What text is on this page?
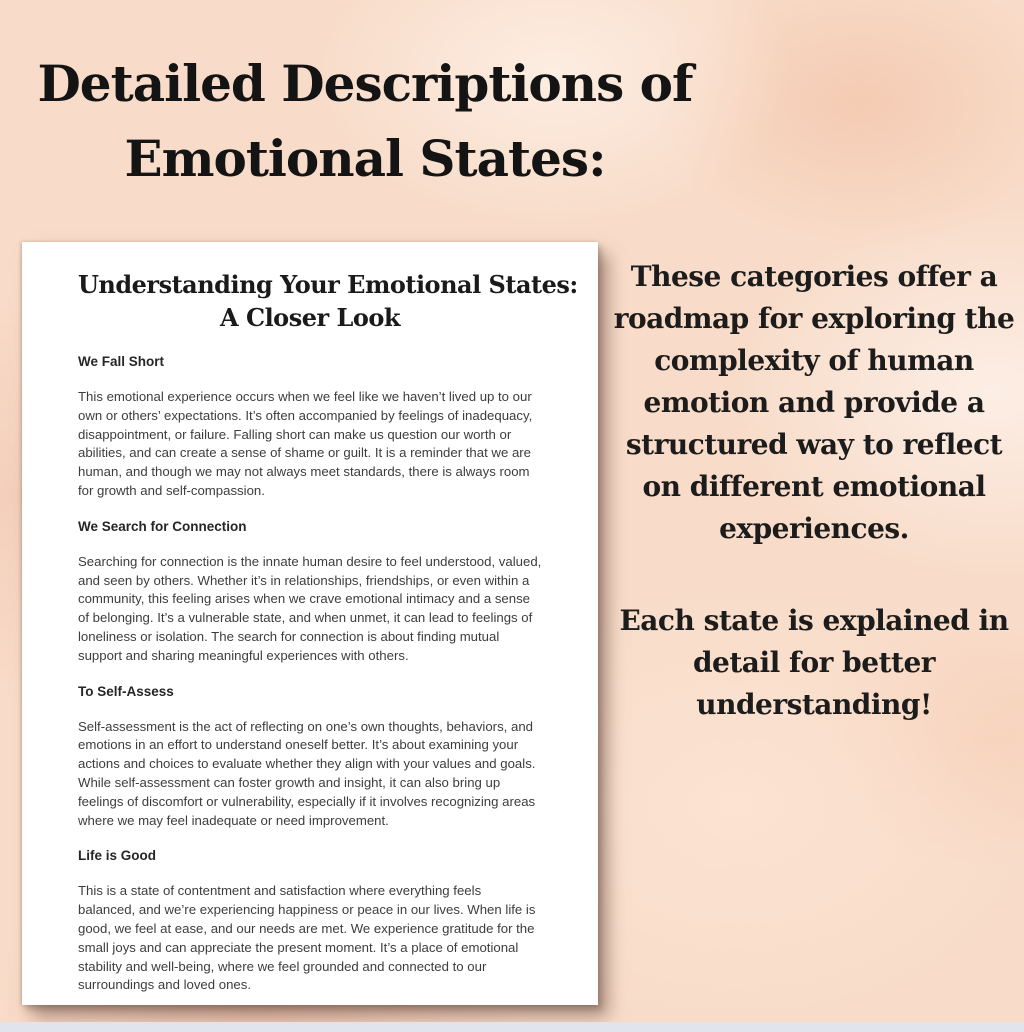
Detailed Descriptions of
Emotional States:
Understanding Your Emotional States:
A Closer Look
We Fall Short

This emotional experience occurs when we feel like we haven’t lived up to our own or others’ expectations. It’s often accompanied by feelings of inadequacy, disappointment, or failure. Falling short can make us question our worth or abilities, and can create a sense of shame or guilt. It is a reminder that we are human, and though we may not always meet standards, there is always room for growth and self-compassion.

We Search for Connection

Searching for connection is the innate human desire to feel understood, valued, and seen by others. Whether it’s in relationships, friendships, or even within a community, this feeling arises when we crave emotional intimacy and a sense of belonging. It’s a vulnerable state, and when unmet, it can lead to feelings of loneliness or isolation. The search for connection is about finding mutual support and sharing meaningful experiences with others.

To Self-Assess

Self-assessment is the act of reflecting on one’s own thoughts, behaviors, and emotions in an effort to understand oneself better. It’s about examining your actions and choices to evaluate whether they align with your values and goals. While self-assessment can foster growth and insight, it can also bring up feelings of discomfort or vulnerability, especially if it involves recognizing areas where we may feel inadequate or need improvement.

Life is Good

This is a state of contentment and satisfaction where everything feels balanced, and we’re experiencing happiness or peace in our lives. When life is good, we feel at ease, and our needs are met. We experience gratitude for the small joys and can appreciate the present moment. It’s a place of emotional stability and well-being, where we feel grounded and connected to our surroundings and loved ones.

These categories offer a roadmap for exploring the complexity of human emotion and provide a structured way to reflect on different emotional experiences.

Each state is explained in detail for better understanding!
